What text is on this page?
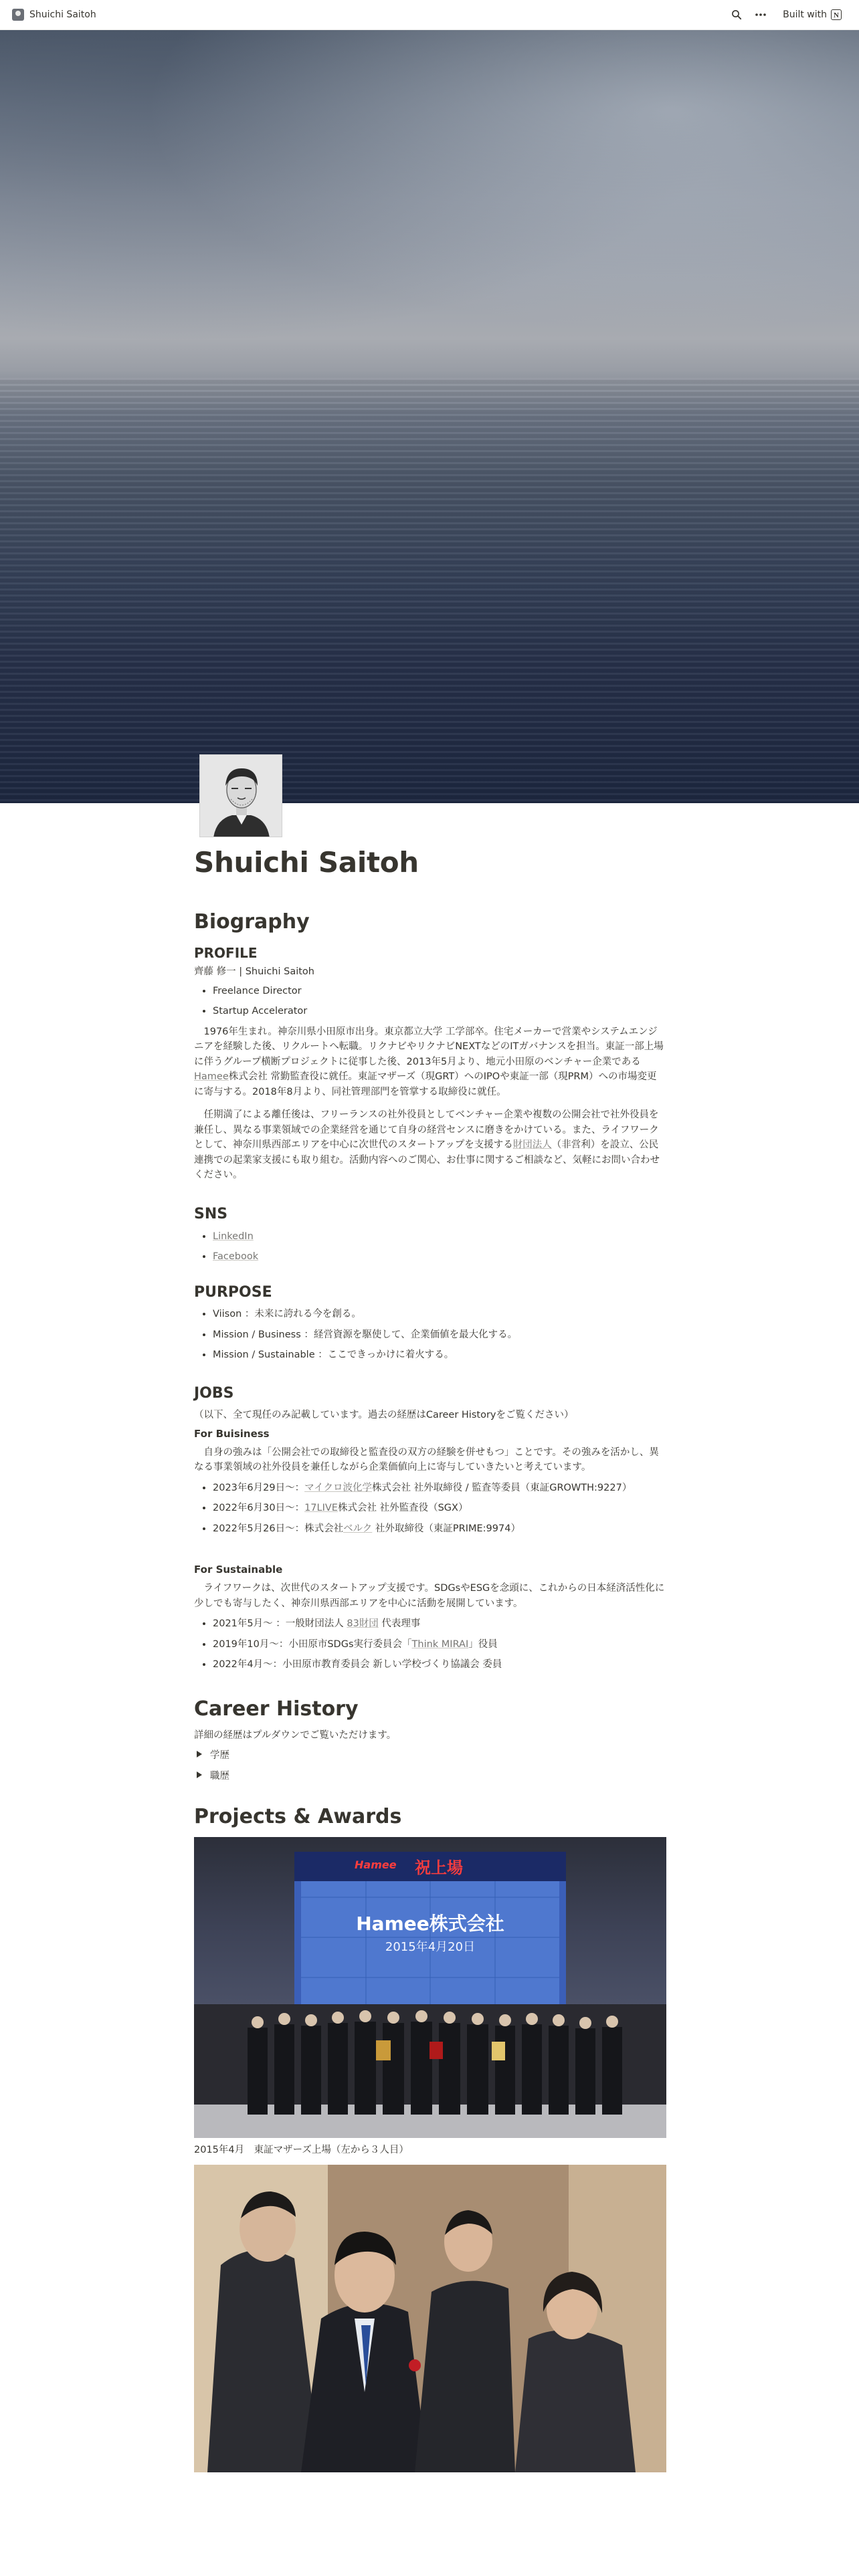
Shuichi Saitoh	Built with N
Shuichi Saitoh
Biography
PROFILE

齊藤 修一 | Shuichi Saitoh

• Freelance Director
• Startup Accelerator

1976年生まれ。神奈川県小田原市出身。東京都立大学 工学部卒。住宅メーカーで営業やシステムエンジニアを経験した後、リクルートへ転職。リクナビやリクナビNEXTなどのITガバナンスを担当。東証一部上場に伴うグループ横断プロジェクトに従事した後、2013年5月より、地元小田原のベンチャー企業であるHamee株式会社 常勤監査役に就任。東証マザーズ（現GRT）へのIPOや東証一部（現PRM）への市場変更に寄与する。2018年8月より、同社管理部門を管掌する取締役に就任。

任期満了による離任後は、フリーランスの社外役員としてベンチャー企業や複数の公開会社で社外役員を兼任し、異なる事業領域での企業経営を通じて自身の経営センスに磨きをかけている。また、ライフワークとして、神奈川県西部エリアを中心に次世代のスタートアップを支援する財団法人（非営利）を設立、公民連携での起業家支援にも取り組む。活動内容へのご関心、お仕事に関するご相談など、気軽にお問い合わせください。

SNS
• LinkedIn
• Facebook
PURPOSE
• Viison ：未来に誇れる今を創る。
• Mission / Business ：経営資源を駆使して、企業価値を最大化する。
• Mission / Sustainable ：ここできっかけに着火する。
JOBS

（以下、全て現任のみ記載しています。過去の経歴はCareer Historyをご覧ください）

For Buisiness

自身の強みは「公開会社での取締役と監査役の双方の経験を併せもつ」ことです。その強みを活かし、異なる事業領域の社外役員を兼任しながら企業価値向上に寄与していきたいと考えています。

• 2023年6月29日〜：マイクロ波化学株式会社 社外取締役 / 監査等委員（東証GROWTH:9227）
• 2022年6月30日〜：17LIVE株式会社 社外監査役（SGX）
• 2022年5月26日〜：株式会社ベルク 社外取締役（東証PRIME:9974）
For Sustainable

ライフワークは、次世代のスタートアップ支援です。SDGsやESGを念頭に、これからの日本経済活性化に少しでも寄与したく、神奈川県西部エリアを中心に活動を展開しています。

• 2021年5月〜 ：一般財団法人 83財団 代表理事
• 2019年10月〜：小田原市SDGs実行委員会「Think MIRAI」役員
• 2022年4月〜：小田原市教育委員会 新しい学校づくり協議会 委員
Career History

詳細の経歴はプルダウンでご覧いただけます。

学歴
職歴
Projects & Awards
祝上場
Hamee
Hamee株式会社
2015年4月20日

2015年4月　東証マザーズ上場（左から３人目）
